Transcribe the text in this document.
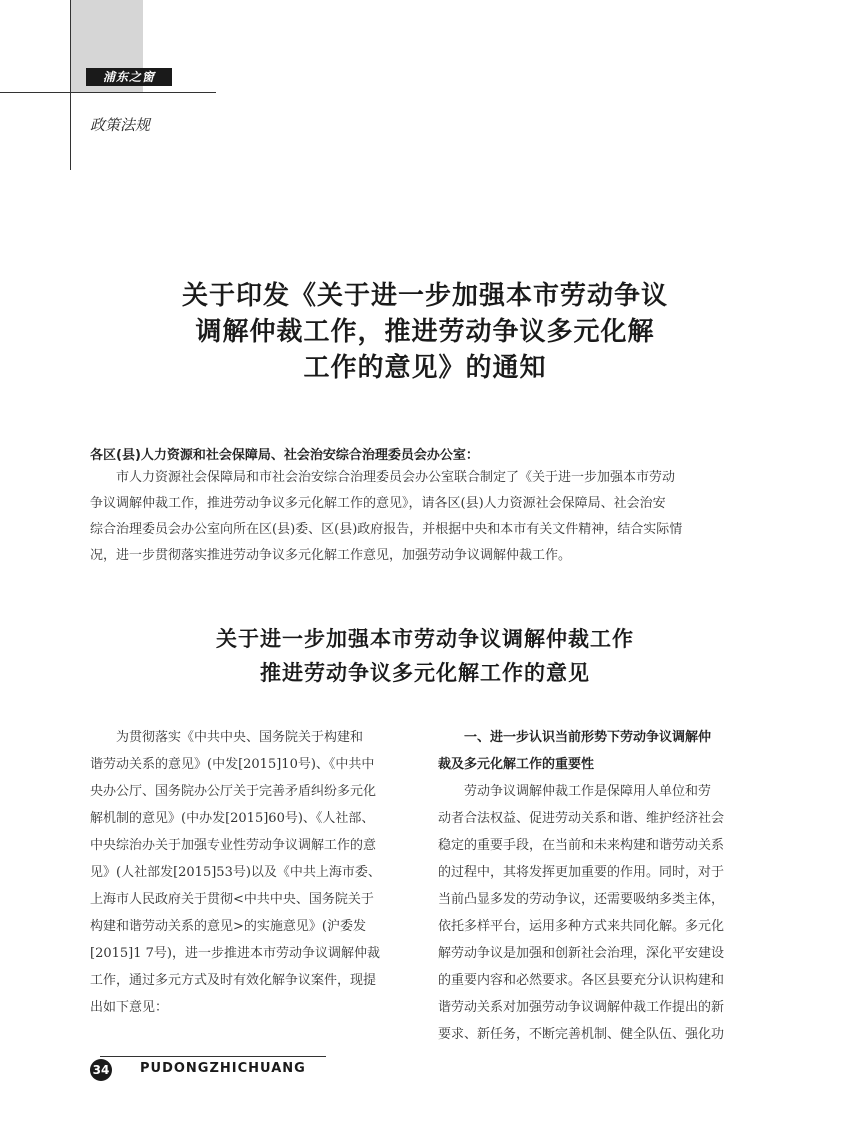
浦东之窗
政策法规
关于印发《关于进一步加强本市劳动争议
调解仲裁工作，推进劳动争议多元化解
工作的意见》的通知
各区(县)人力资源和社会保障局、社会治安综合治理委员会办公室：
　　市人力资源社会保障局和市社会治安综合治理委员会办公室联合制定了《关于进一步加强本市劳动
争议调解仲裁工作，推进劳动争议多元化解工作的意见》，请各区(县)人力资源社会保障局、社会治安
综合治理委员会办公室向所在区(县)委、区(县)政府报告，并根据中央和本市有关文件精神，结合实际情
况，进一步贯彻落实推进劳动争议多元化解工作意见，加强劳动争议调解仲裁工作。
关于进一步加强本市劳动争议调解仲裁工作
推进劳动争议多元化解工作的意见
　　为贯彻落实《中共中央、国务院关于构建和
谐劳动关系的意见》(中发[2015]10号)、《中共中
央办公厅、国务院办公厅关于完善矛盾纠纷多元化
解机制的意见》(中办发[2015]60号)、《人社部、
中央综治办关于加强专业性劳动争议调解工作的意
见》(人社部发[2015]53号)以及《中共上海市委、
上海市人民政府关于贯彻<中共中央、国务院关于
构建和谐劳动关系的意见>的实施意见》(沪委发
[2015]1 7号)，进一步推进本市劳动争议调解仲裁
工作，通过多元方式及时有效化解争议案件，现提
出如下意见：
　　一、进一步认识当前形势下劳动争议调解仲
裁及多元化解工作的重要性
　　劳动争议调解仲裁工作是保障用人单位和劳
动者合法权益、促进劳动关系和谐、维护经济社会
稳定的重要手段，在当前和未来构建和谐劳动关系
的过程中，其将发挥更加重要的作用。同时，对于
当前凸显多发的劳动争议，还需要吸纳多类主体，
依托多样平台，运用多种方式来共同化解。多元化
解劳动争议是加强和创新社会治理，深化平安建设
的重要内容和必然要求。各区县要充分认识构建和
谐劳动关系对加强劳动争议调解仲裁工作提出的新
要求、新任务，不断完善机制、健全队伍、强化功
34 PUDONGZHICHUANG
